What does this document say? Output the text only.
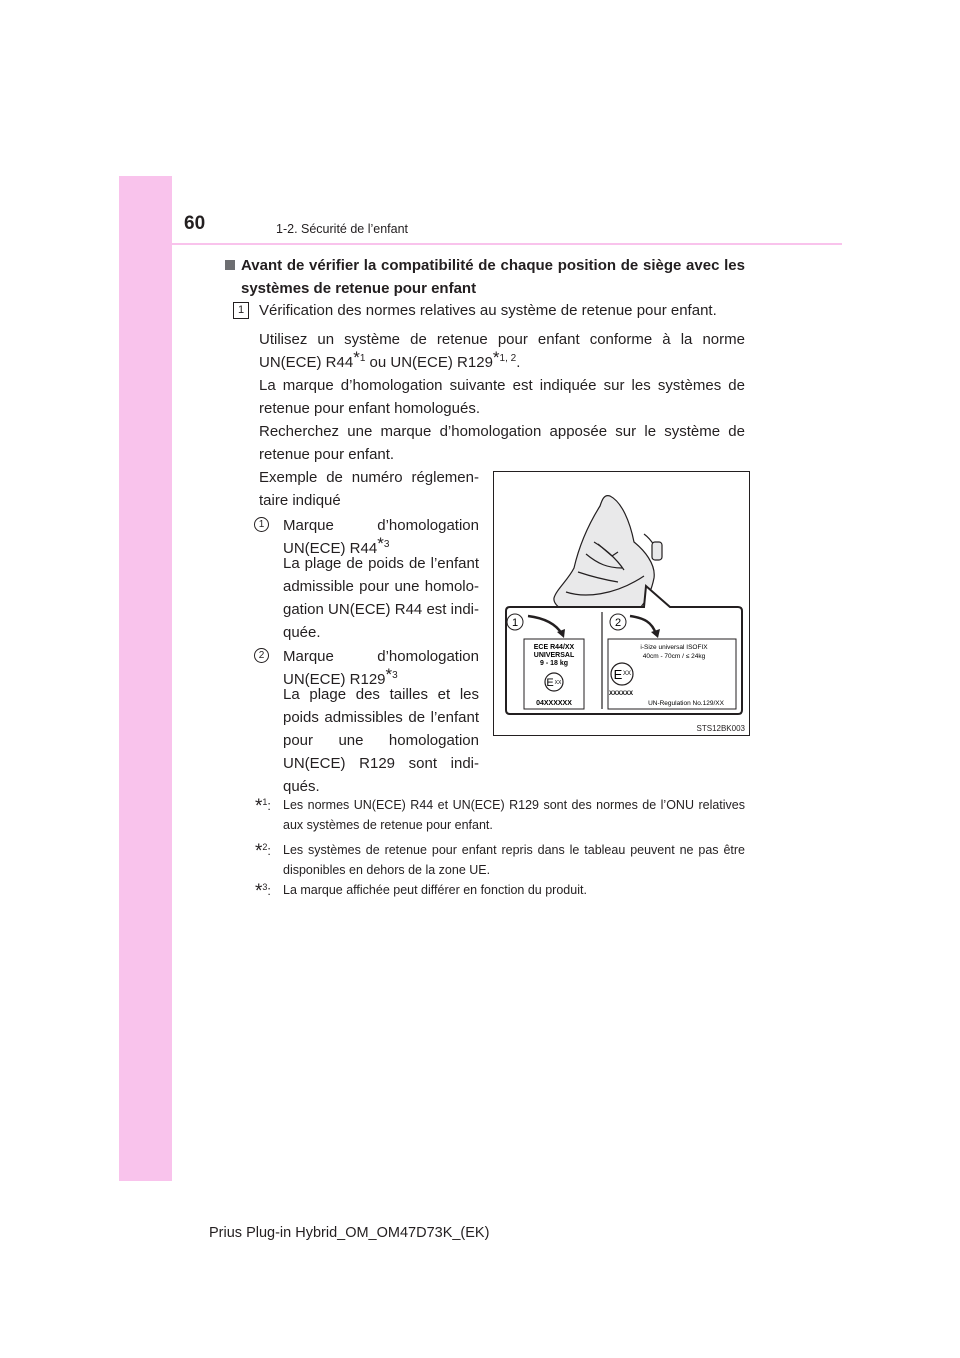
60	1-2. Sécurité de l’enfant
Avant de vérifier la compatibilité de chaque position de siège avec les systèmes de retenue pour enfant
1 Vérification des normes relatives au système de retenue pour enfant.
Utilisez un système de retenue pour enfant conforme à la norme UN(ECE) R44$^{*1}$ ou UN(ECE) R129$^{*1, 2}$.
La marque d’homologation suivante est indiquée sur les systèmes de retenue pour enfant homologués.
Recherchez une marque d’homologation apposée sur le système de retenue pour enfant.
Exemple de numéro réglementaire indiqué
1	Marque d’homologation UN(ECE) R44$^{*3}$
La plage de poids de l’enfant admissible pour une homologation UN(ECE) R44 est indiquée.
2	Marque d’homologation UN(ECE) R129$^{*3}$
La plage des tailles et les poids admissibles de l’enfant pour une homologation UN(ECE) R129 sont indiqués.
1	2
ECE R44/XX
UNIVERSAL
9 - 18 kg
E XX
04XXXXXX
i-Size universal ISOFIX
40cm - 70cm / ≤ 24kg
E XX
XXXXXX
UN-Regulation No.129/XX
STS12BK003
*$^1$: Les normes UN(ECE) R44 et UN(ECE) R129 sont des normes de l’ONU relatives aux systèmes de retenue pour enfant.
*$^2$: Les systèmes de retenue pour enfant repris dans le tableau peuvent ne pas être disponibles en dehors de la zone UE.
*$^3$: La marque affichée peut différer en fonction du produit.
Prius Plug-in Hybrid_OM_OM47D73K_(EK)
